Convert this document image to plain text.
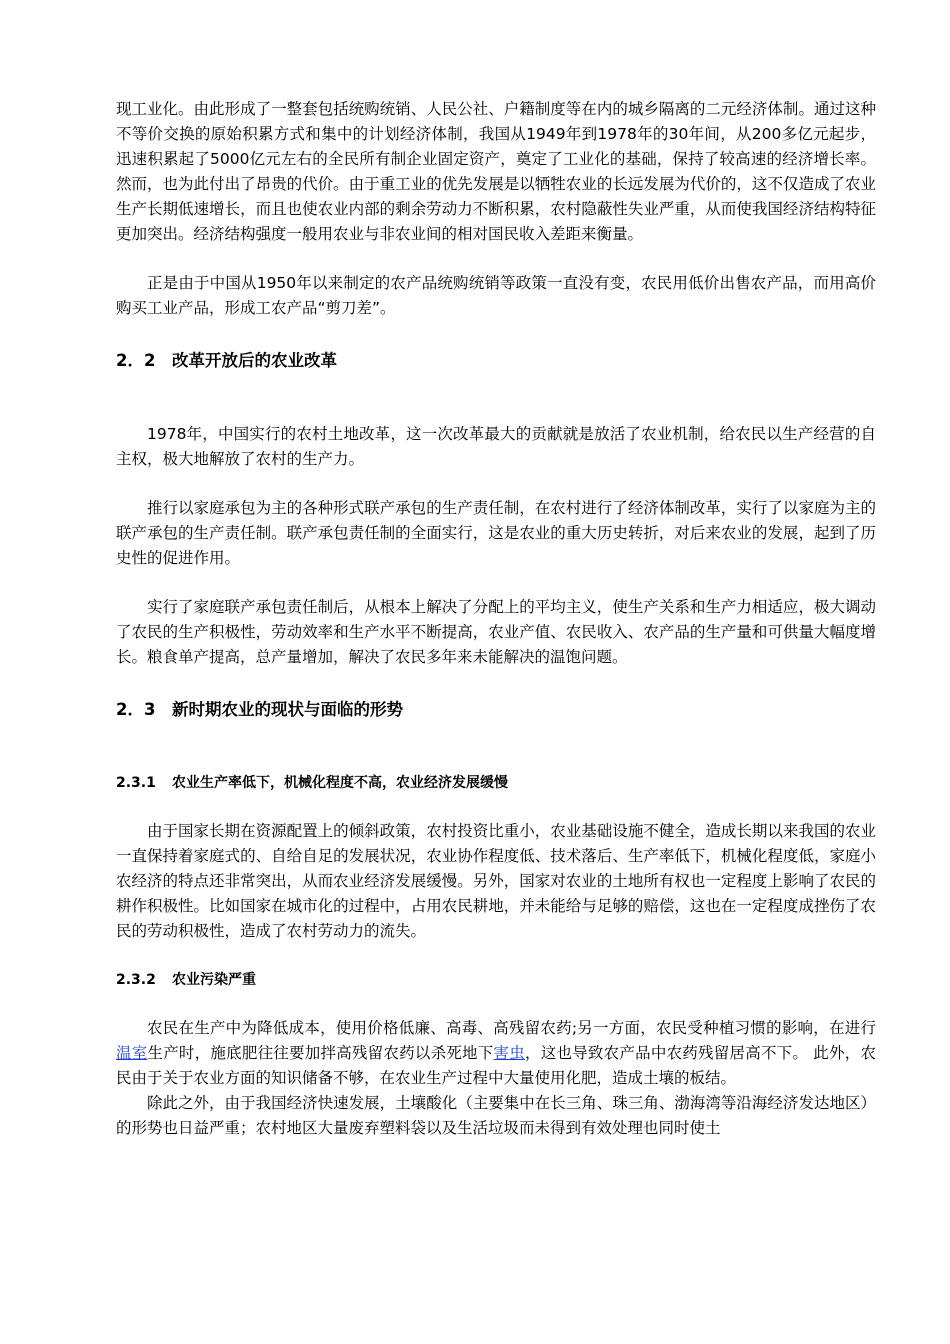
现工业化。由此形成了一整套包括统购统销、人民公社、户籍制度等在内的城乡隔离的二元经济体制。通过这种不等价交换的原始积累方式和集中的计划经济体制，我国从1949年到1978年的30年间，从200多亿元起步，迅速积累起了5000亿元左右的全民所有制企业固定资产，奠定了工业化的基础，保持了较高速的经济增长率。然而，也为此付出了昂贵的代价。由于重工业的优先发展是以牺牲农业的长远发展为代价的，这不仅造成了农业生产长期低速增长，而且也使农业内部的剩余劳动力不断积累，农村隐蔽性失业严重，从而使我国经济结构特征更加突出。经济结构强度一般用农业与非农业间的相对国民收入差距来衡量。

正是由于中国从1950年以来制定的农产品统购统销等政策一直没有变，农民用低价出售农产品，而用高价购买工业产品，形成工农产品“剪刀差”。

2．2 改革开放后的农业改革

1978年，中国实行的农村土地改革，这一次改革最大的贡献就是放活了农业机制，给农民以生产经营的自主权，极大地解放了农村的生产力。

推行以家庭承包为主的各种形式联产承包的生产责任制，在农村进行了经济体制改革，实行了以家庭为主的联产承包的生产责任制。联产承包责任制的全面实行，这是农业的重大历史转折，对后来农业的发展，起到了历史性的促进作用。

实行了家庭联产承包责任制后，从根本上解决了分配上的平均主义，使生产关系和生产力相适应，极大调动了农民的生产积极性，劳动效率和生产水平不断提高，农业产值、农民收入、农产品的生产量和可供量大幅度增长。粮食单产提高，总产量增加，解决了农民多年来未能解决的温饱问题。

2．3 新时期农业的现状与面临的形势
2.3.1 农业生产率低下，机械化程度不高，农业经济发展缓慢

由于国家长期在资源配置上的倾斜政策，农村投资比重小，农业基础设施不健全，造成长期以来我国的农业一直保持着家庭式的、自给自足的发展状况，农业协作程度低、技术落后、生产率低下，机械化程度低，家庭小农经济的特点还非常突出，从而农业经济发展缓慢。另外，国家对农业的土地所有权也一定程度上影响了农民的耕作积极性。比如国家在城市化的过程中，占用农民耕地，并未能给与足够的赔偿，这也在一定程度成挫伤了农民的劳动积极性，造成了农村劳动力的流失。

2.3.2 农业污染严重

农民在生产中为降低成本，使用价格低廉、高毒、高残留农药;另一方面，农民受种植习惯的影响，在进行温室生产时，施底肥往往要加拌高残留农药以杀死地下害虫，这也导致农产品中农药残留居高不下。 此外，农民由于关于农业方面的知识储备不够，在农业生产过程中大量使用化肥，造成土壤的板结。

除此之外，由于我国经济快速发展，土壤酸化（主要集中在长三角、珠三角、渤海湾等沿海经济发达地区）的形势也日益严重；农村地区大量废弃塑料袋以及生活垃圾而未得到有效处理也同时使土
